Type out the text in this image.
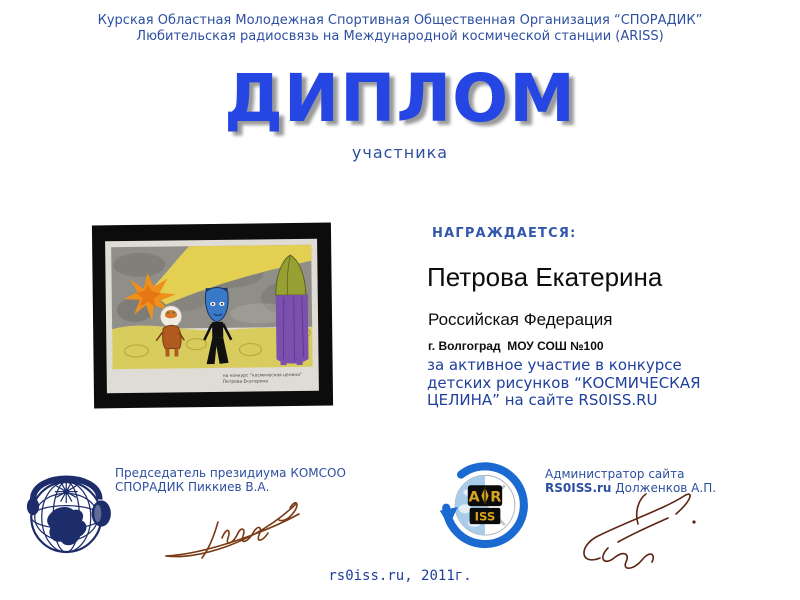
Курская Областная Молодежная Спортивная Общественная Организация “СПОРАДИК”
Любительская радиосвязь на Международной космической станции (ARISS)
ДИПЛОМ
участника
на конкурс “космическая целина”
Петрова Екатерина
НАГРАЖДАЕТСЯ:
Петрова Екатерина
Российская Федерация
г. Волгоград  МОУ СОШ №100
за активное участие в конкурсе
детских рисунков “КОСМИЧЕСКАЯ
ЦЕЛИНА” на сайте RS0ISS.RU
Председатель президиума КОМСОО
СПОРАДИК Пиккиев В.А.
A R
ISS
Администратор сайта
RS0ISS.ru Долженков А.П.
rs0iss.ru, 2011г.
